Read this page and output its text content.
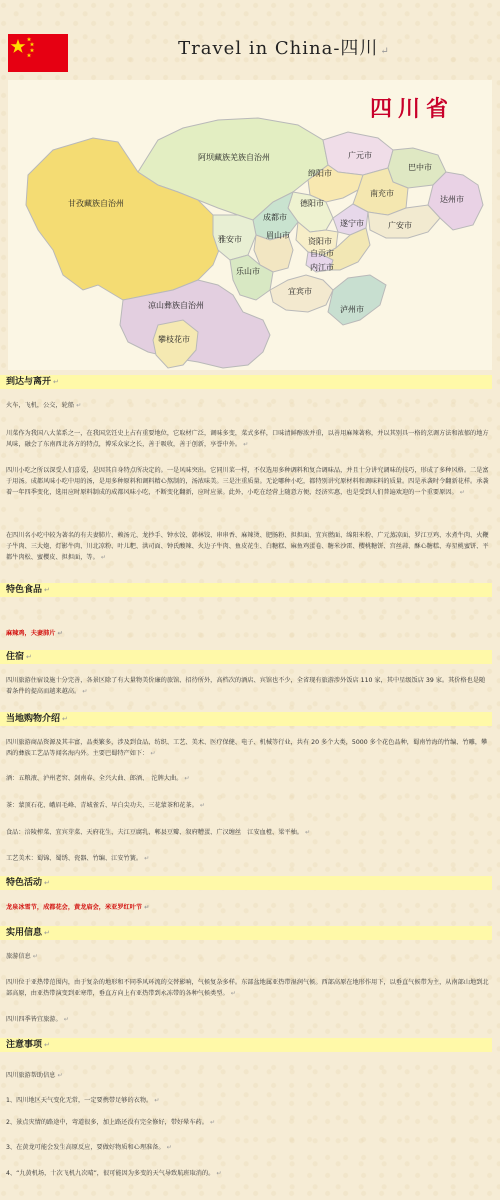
Travel in China-四川 ↵
阿坝藏族羌族自治州
甘孜藏族自治州
凉山彝族自治州
攀枝花市
广元市
巴中市
达州市
绵阳市
德阳市
南充市
成都市
遂宁市	广安市
雅安市	眉山市
资阳市
自贡市
内江市
乐山市
宜宾市
泸州市
四川省
到达与离开 ↵
火车，飞机，公交，轮船 ↵
川菜作为我国八大菜系之一，在我国烹饪史上占有重要地位，它取材广泛，调味多变，菜式多样，口味清鲜醇浓并重，以善用麻辣著称，并以其别具一格的烹调方法和浓郁的地方风味，融会了东南西北各方的特点，博采众家之长，善于吸收，善于创新，享誉中外。 ↵
四川小吃之所以深受人们喜爱，是因其自身特点所决定的。一是风味突出。它同川菜一样，不仅选用多种调料和复合调味品，并且十分讲究调味的技巧，形成了多种风格。二是富于用汤。成都风味小吃中用的汤，是用多种原料和调料精心熬制的，汤浓味美。三是注重质量。无论哪种小吃，都特别讲究原材料和调味料的质量。四是承袭时令翻新花样。承袭着一年四季变化，选用应时原料制成的成都风味小吃，不断变化翻新，应时应景。此外，小吃在经营上随意方便，经济实惠，也是受到人们普遍欢迎的一个重要原因。 ↵
在四川名小吃中较为著名的有夫妻肺片、赖汤元、龙抄手、钟水饺、韩林饺、串串香、麻辣烫、肥肠粉、担担面、宜宾燃面、绵阳米粉、广元蒸凉面、罗江豆鸡、水煮牛肉、火鞭子牛肉、三大炮、灯影牛肉、川北凉粉、叶儿粑、洪司面、钟氏酸辣、火边子牛肉、鱼皮花生、白糖糕、麻鱼鸡蛋卷、糖米沙雷、樱桃糖饼、宫丝蒜、酥心糖糕、寿星桃蜜饼、平都牛肉松、蜜樱皮、担担面，等。 ↵
特色食品 ↵
麻辣鸡，夫妻肺片 ↵
住宿 ↵
四川旅游住宿设施十分完善，各景区除了有大量物美价廉的旅馆、招待所外，高档次的酒店、宾馆也不少，全省现有旅游涉外饭店 110 家，其中星级饭店 39 家。其价格也是随着条件的提高而越来越高。 ↵
当地购物介绍 ↵
四川旅游商品资源及其丰富，品类繁多，涉及到食品、纺织、工艺、美术、医疗保健、电子、机械等行业，共有 20 多个大类，5000 多个花色品种，蜀南竹海的竹编、竹雕，攀西的彝族工艺品等闻名海内外。主要巴蜀特产如下： ↵
酒：五粮液、泸州老窖、剑南春、全兴大曲、郎酒、　沱牌大曲。 ↵
茶：蒙顶石花、峨眉毛峰、青城雀舌、早白尖功夫、三花蒙茶和花茶。 ↵
食品：涪陵榨菜、宜宾芽菜、天府花生、夫江豆腐乳、郫县豆瓣、叙府糟蛋、广汉缠丝　江安血橙、梁平柚。 ↵
工艺美术：蜀锦、蜀绣、瓷器、竹编、江安竹簧。 ↵
特色活动 ↵
龙泉冰雪节，成都花会，黄龙庙会，米亚罗红叶节 ↵
实用信息 ↵
旅游信息 ↵
四川位于亚热带范围内，由于复杂的地形和不同季风环流的交替影响，气候复杂多样。东部盆地属亚热带湿润气候。西部高原在地形作用下，以垂直气候带为主，从南部山地到北部高原，由亚热带演变到亚寒带，垂直方向上有亚热带到永冻带的各种气候类型。 ↵
四川四季皆宜旅游。 ↵
注意事项 ↵
四川旅游帮助信息 ↵
1、四川地区天气变化无常，一定要携带足够的衣物。 ↵
2、景点灾情的路途中，弯道很多，加上路还没有完全修好，带好晕车药。 ↵
3、在黄龙可能会发生高原反应，要做好物质和心理准备。 ↵
4、“九黄机场，十次飞机九次晴”，很可能因为多变的天气导致航班取消的。 ↵
